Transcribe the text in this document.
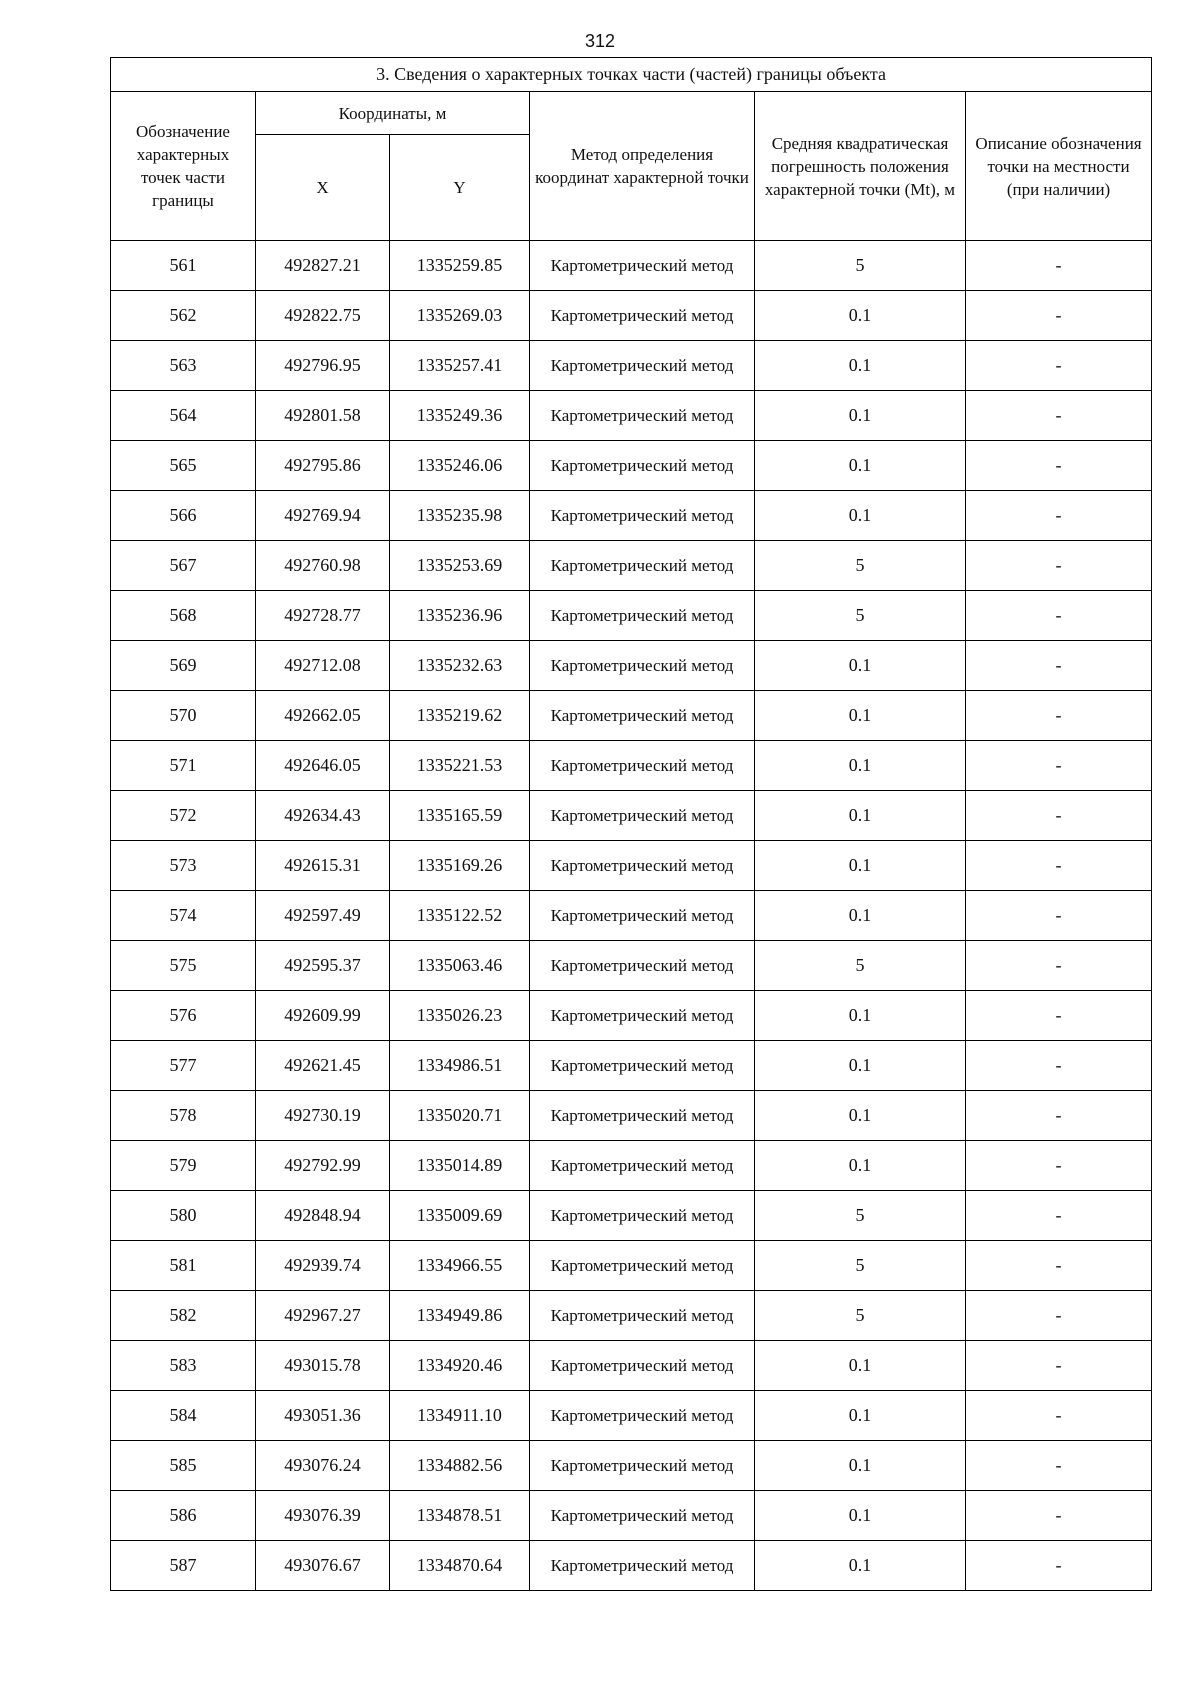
312
3. Сведения о характерных точках части (частей) границы объекта					
Обозначение характерных точек части границы	Координаты, м		Метод определения координат характерной точки	Средняя квадратическая погрешность положения характерной точки (Mt), м	Описание обозначения точки на местности (при наличии)
	X	Y			
561	492827.21	1335259.85	Картометрический метод	5	-
562	492822.75	1335269.03	Картометрический метод	0.1	-
563	492796.95	1335257.41	Картометрический метод	0.1	-
564	492801.58	1335249.36	Картометрический метод	0.1	-
565	492795.86	1335246.06	Картометрический метод	0.1	-
566	492769.94	1335235.98	Картометрический метод	0.1	-
567	492760.98	1335253.69	Картометрический метод	5	-
568	492728.77	1335236.96	Картометрический метод	5	-
569	492712.08	1335232.63	Картометрический метод	0.1	-
570	492662.05	1335219.62	Картометрический метод	0.1	-
571	492646.05	1335221.53	Картометрический метод	0.1	-
572	492634.43	1335165.59	Картометрический метод	0.1	-
573	492615.31	1335169.26	Картометрический метод	0.1	-
574	492597.49	1335122.52	Картометрический метод	0.1	-
575	492595.37	1335063.46	Картометрический метод	5	-
576	492609.99	1335026.23	Картометрический метод	0.1	-
577	492621.45	1334986.51	Картометрический метод	0.1	-
578	492730.19	1335020.71	Картометрический метод	0.1	-
579	492792.99	1335014.89	Картометрический метод	0.1	-
580	492848.94	1335009.69	Картометрический метод	5	-
581	492939.74	1334966.55	Картометрический метод	5	-
582	492967.27	1334949.86	Картометрический метод	5	-
583	493015.78	1334920.46	Картометрический метод	0.1	-
584	493051.36	1334911.10	Картометрический метод	0.1	-
585	493076.24	1334882.56	Картометрический метод	0.1	-
586	493076.39	1334878.51	Картометрический метод	0.1	-
587	493076.67	1334870.64	Картометрический метод	0.1	-
